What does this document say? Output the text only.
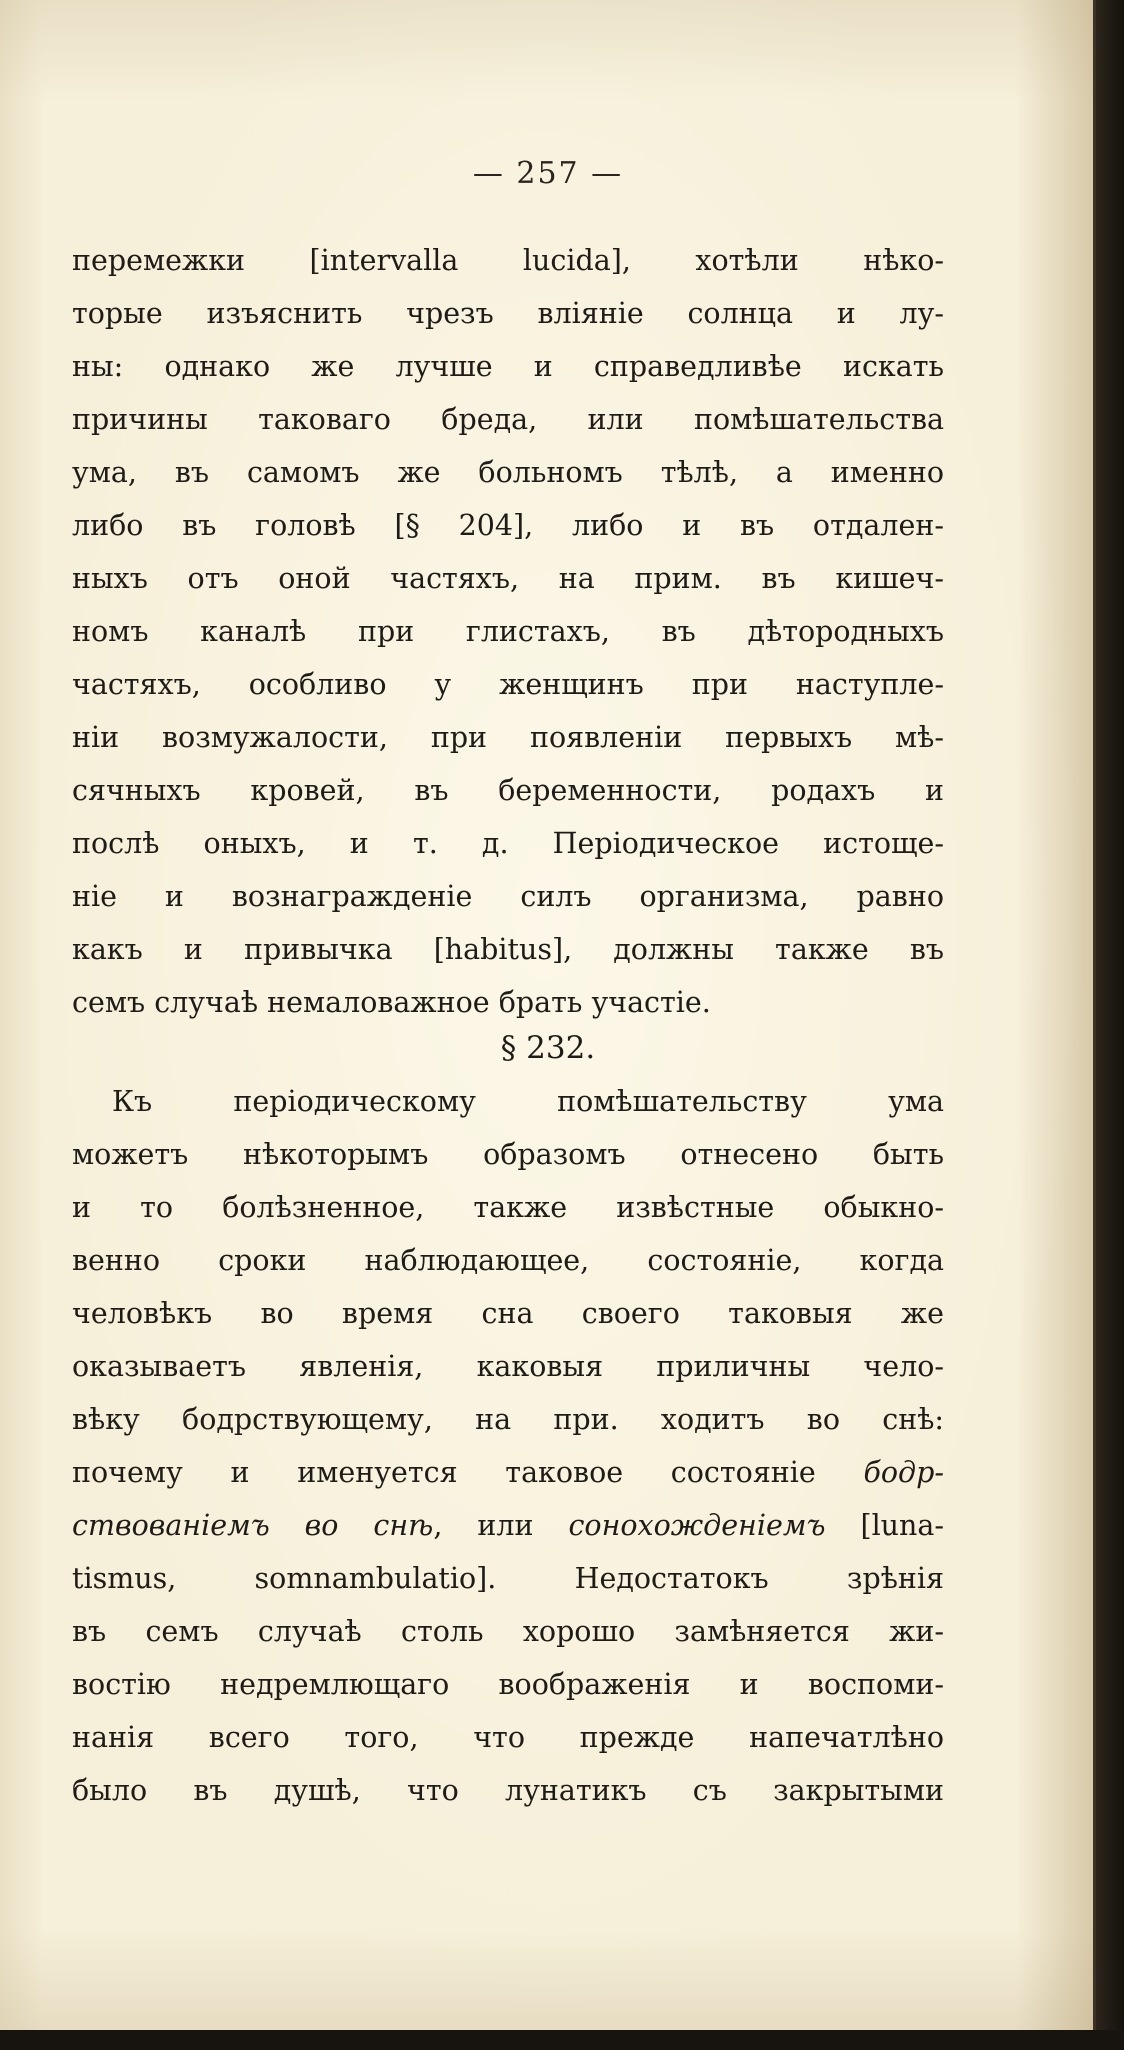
— 257 —
перемежки [intervalla lucida], хотѣли нѣко-
торые изъяснить чрезъ вліяніе солнца и лу-
ны: однако же лучше и справедливѣе искать
причины таковаго бреда, или помѣшательства
ума, въ самомъ же больномъ тѣлѣ, а именно
либо въ головѣ [§ 204], либо и въ отдален-
ныхъ отъ оной частяхъ, на прим. въ кишеч-
номъ каналѣ при глистахъ, въ дѣтородныхъ
частяхъ, особливо у женщинъ при наступле-
ніи возмужалости, при появленіи первыхъ мѣ-
сячныхъ кровей, въ беременности, родахъ и
послѣ оныхъ, и т. д. Періодическое истоще-
ніе и вознагражденіе силъ организма, равно
какъ и привычка [habitus], должны также въ
семъ случаѣ немаловажное брать участіе.
§ 232.
Къ періодическому помѣшательству ума
можетъ нѣкоторымъ образомъ отнесено быть
и то болѣзненное, также извѣстные обыкно-
венно сроки наблюдающее, состояніе, когда
человѣкъ во время сна своего таковыя же
оказываетъ явленія, каковыя приличны чело-
вѣку бодрствующему, на при. ходитъ во снѣ:
почему и именуется таковое состояніе бодр-
ствованіемъ во снѣ, или сонохожденіемъ [luna-
tismus, somnambulatio]. Недостатокъ зрѣнія
въ семъ случаѣ столь хорошо замѣняется жи-
востію недремлющаго воображенія и воспоми-
нанія всего того, что прежде напечатлѣно
было въ душѣ, что лунатикъ съ закрытыми
